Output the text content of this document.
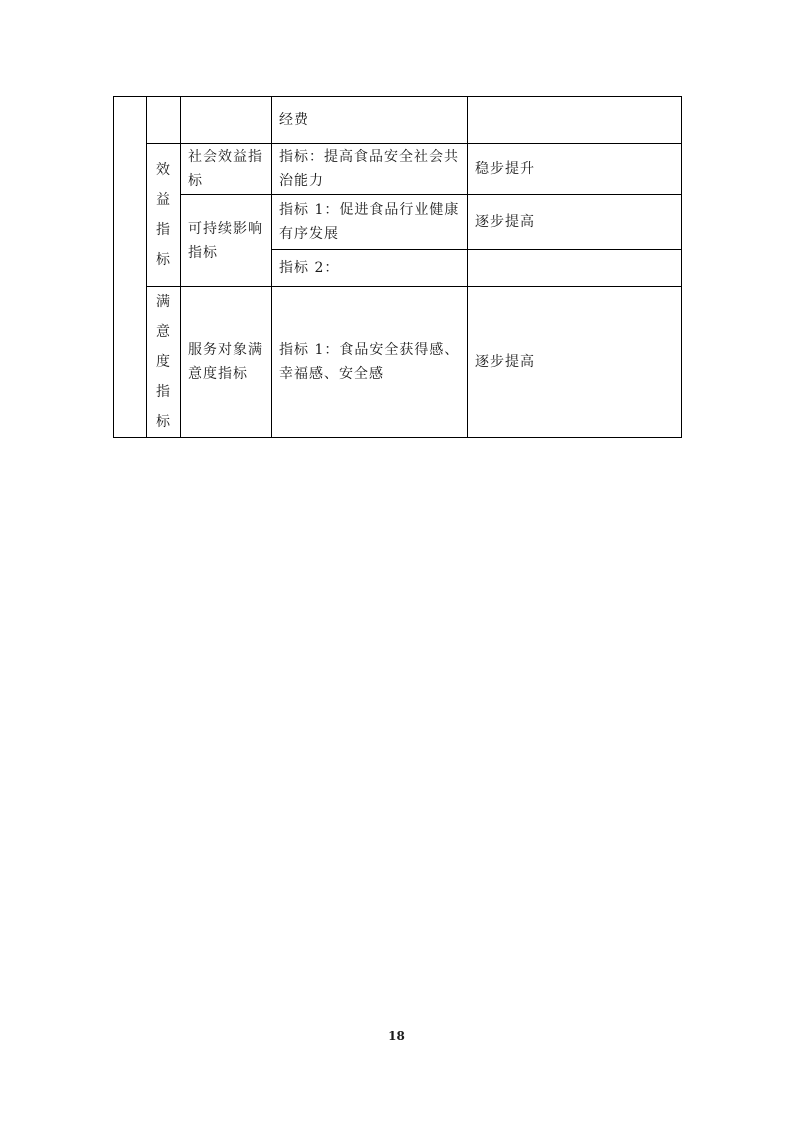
			经费	

	效益指标	社会效益指标	指标：提高食品安全社会共治能力	稳步提升
		可持续影响指标	指标 1：促进食品行业健康有序发展	逐步提高
			指标 2：	

	满意度指标	服务对象满意度指标	指标 1：食品安全获得感、幸福感、安全感	逐步提高
18
